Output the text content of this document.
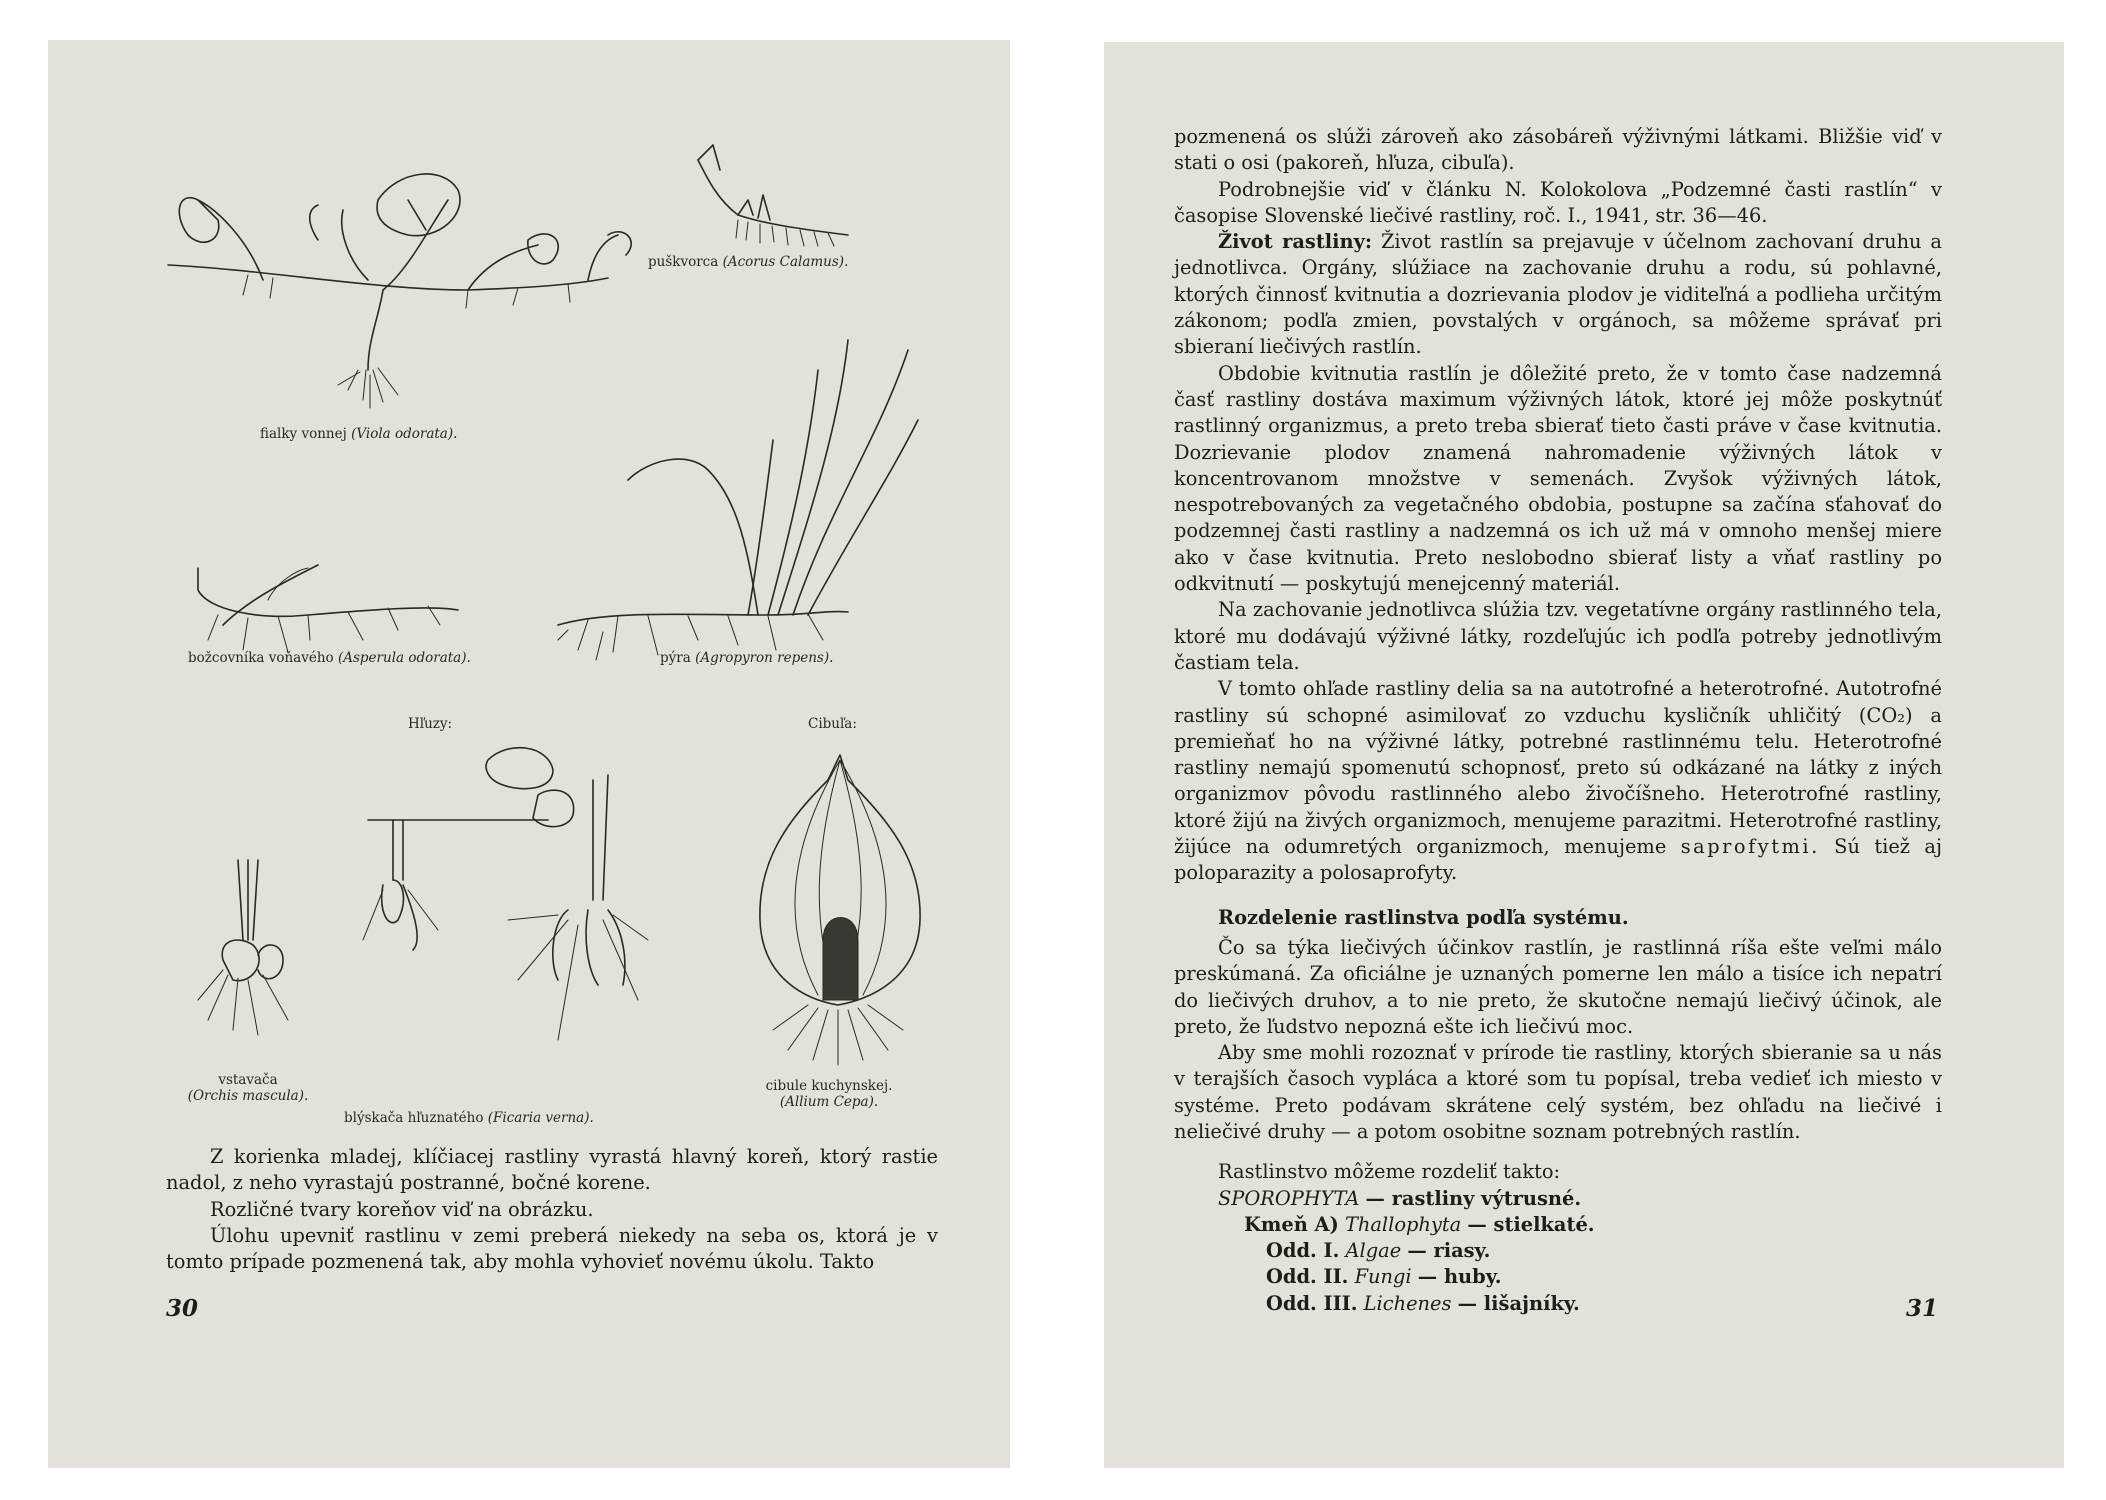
fialky vonnej (Viola odorata).
puškvorca (Acorus Calamus).
božcovníka voňavého (Asperula odorata).	pýra (Agropyron repens).
Hľuzy:	Cibuľa:
vstavača
(Orchis mascula).
blýskača hľuznatého (Ficaria verna).
cibule kuchynskej.
(Allium Cepa).

Z korienka mladej, klíčiacej rastliny vyrastá hlavný koreň, ktorý rastie nadol, z neho vyrastajú postranné, bočné korene.

Rozličné tvary koreňov viď na obrázku.

Úlohu upevniť rastlinu v zemi preberá niekedy na seba os, ktorá je v tomto prípade pozmenená tak, aby mohla vyhovieť novému úkolu. Takto

30

pozmenená os slúži zároveň ako zásobáreň výživnými látkami. Bližšie viď v stati o osi (pakoreň, hľuza, cibuľa).

Podrobnejšie viď v článku N. Kolokolova „Podzemné časti rastlín“ v časopise Slovenské liečivé rastliny, roč. I., 1941, str. 36—46.

Život rastliny: Život rastlín sa prejavuje v účelnom zachovaní druhu a jednotlivca. Orgány, slúžiace na zachovanie druhu a rodu, sú pohlavné, ktorých činnosť kvitnutia a dozrievania plodov je viditeľná a podlieha určitým zákonom; podľa zmien, povstalých v orgánoch, sa môžeme správať pri sbieraní liečivých rastlín.

Obdobie kvitnutia rastlín je dôležité preto, že v tomto čase nadzemná časť rastliny dostáva maximum výživných látok, ktoré jej môže poskytnúť rastlinný organizmus, a preto treba sbierať tieto časti práve v čase kvitnutia. Dozrievanie plodov znamená nahromadenie výživných látok v koncentrovanom množstve v semenách. Zvyšok výživných látok, nespotrebovaných za vegetačného obdobia, postupne sa začína sťahovať do podzemnej časti rastliny a nadzemná os ich už má v omnoho menšej miere ako v čase kvitnutia. Preto neslobodno sbierať listy a vňať rastliny po odkvitnutí — poskytujú menejcenný materiál.

Na zachovanie jednotlivca slúžia tzv. vegetatívne orgány rastlinného tela, ktoré mu dodávajú výživné látky, rozdeľujúc ich podľa potreby jednotlivým častiam tela.

V tomto ohľade rastliny delia sa na autotrofné a heterotrofné. Autotrofné rastliny sú schopné asimilovať zo vzduchu kysličník uhličitý (CO₂) a premieňať ho na výživné látky, potrebné rastlinnému telu. Heterotrofné rastliny nemajú spomenutú schopnosť, preto sú odkázané na látky z iných organizmov pôvodu rastlinného alebo živočíšneho. Heterotrofné rastliny, ktoré žijú na živých organizmoch, menujeme parazitmi. Heterotrofné rastliny, žijúce na odumretých organizmoch, menujeme saprofytmi. Sú tiež aj poloparazity a polosaprofyty.

Rozdelenie rastlinstva podľa systému.

Čo sa týka liečivých účinkov rastlín, je rastlinná ríša ešte veľmi málo preskúmaná. Za oficiálne je uznaných pomerne len málo a tisíce ich nepatrí do liečivých druhov, a to nie preto, že skutočne nemajú liečivý účinok, ale preto, že ľudstvo nepozná ešte ich liečivú moc.

Aby sme mohli rozoznať v prírode tie rastliny, ktorých sbieranie sa u nás v terajších časoch vypláca a ktoré som tu popísal, treba vedieť ich miesto v systéme. Preto podávam skrátene celý systém, bez ohľadu na liečivé i neliečivé druhy — a potom osobitne soznam potrebných rastlín.

Rastlinstvo môžeme rozdeliť takto:

SPOROPHYTA — rastliny výtrusné.

Kmeň A) Thallophyta — stielkaté.

Odd. I. Algae — riasy.

Odd. II. Fungi — huby.

Odd. III. Lichenes — lišajníky.	31
